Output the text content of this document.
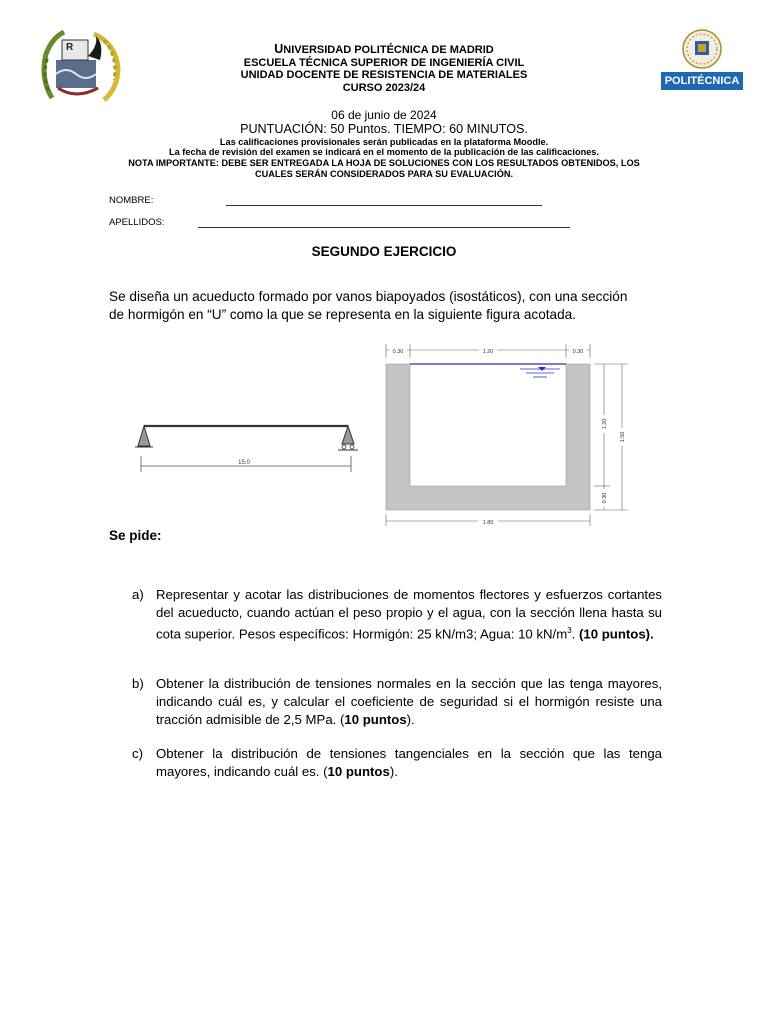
R
POLITÉCNICA
UNIVERSIDAD POLITÉCNICA DE MADRID
ESCUELA TÉCNICA SUPERIOR DE INGENIERÍA CIVIL
UNIDAD DOCENTE DE RESISTENCIA DE MATERIALES
CURSO 2023/24
06 de junio de 2024
PUNTUACIÓN: 50 Puntos. TIEMPO: 60 MINUTOS.
Las calificaciones provisionales serán publicadas en la plataforma Moodle.
La fecha de revisión del examen se indicará en el momento de la publicación de las calificaciones.
NOTA IMPORTANTE: DEBE SER ENTREGADA LA HOJA DE SOLUCIONES CON LOS RESULTADOS OBTENIDOS, LOS
CUALES SERÁN CONSIDERADOS PARA SU EVALUACIÓN.
NOMBRE:
APELLIDOS:
SEGUNDO EJERCICIO
Se diseña un acueducto formado por vanos biapoyados (isostáticos), con una sección
de hormigón en “U” como la que se representa en la siguiente figura acotada.
15.0
0.30	1.20	0.30
1.80
1.20
0.30
1.50
Se pide:
a) Representar y acotar las distribuciones de momentos flectores y esfuerzos cortantes del acueducto, cuando actúan el peso propio y el agua, con la sección llena hasta su cota superior. Pesos específicos: Hormigón: 25 kN/m3; Agua: 10 $kN/m^3$. (10 puntos).
b) Obtener la distribución de tensiones normales en la sección que las tenga mayores, indicando cuál es, y calcular el coeficiente de seguridad si el hormigón resiste una tracción admisible de 2,5 MPa. (10 puntos).
c) Obtener la distribución de tensiones tangenciales en la sección que las tenga mayores, indicando cuál es. (10 puntos).
